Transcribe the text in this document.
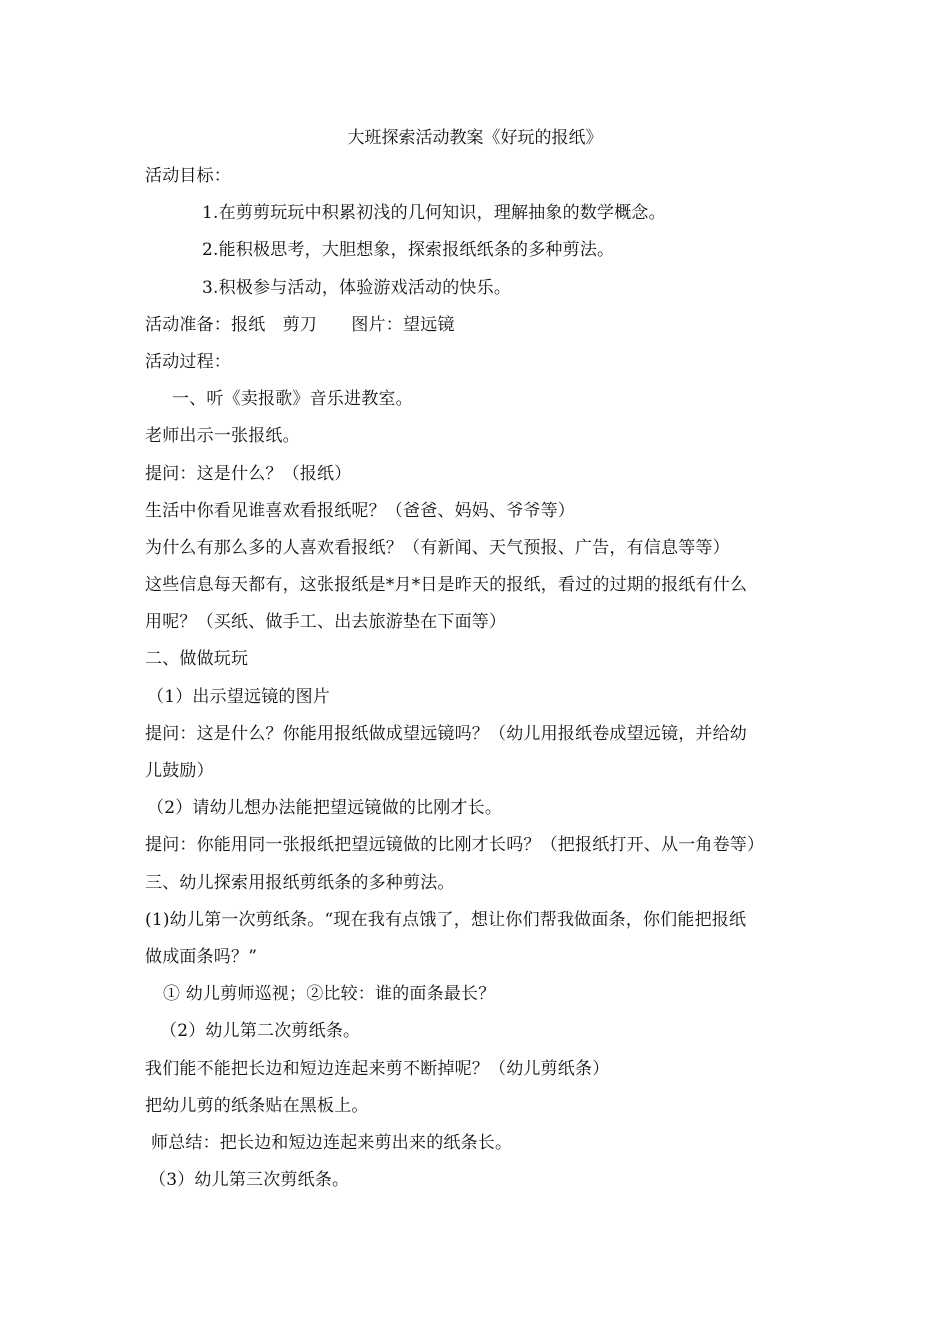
大班探索活动教案《好玩的报纸》
活动目标：
1.在剪剪玩玩中积累初浅的几何知识，理解抽象的数学概念。
2.能积极思考，大胆想象，探索报纸纸条的多种剪法。
3.积极参与活动，体验游戏活动的快乐。
活动准备：报纸　剪刀　　图片：望远镜
活动过程：
一、听《卖报歌》音乐进教室。
老师出示一张报纸。
提问：这是什么？（报纸）
生活中你看见谁喜欢看报纸呢？（爸爸、妈妈、爷爷等）
为什么有那么多的人喜欢看报纸？（有新闻、天气预报、广告，有信息等等）
这些信息每天都有，这张报纸是*月*日是昨天的报纸，看过的过期的报纸有什么
用呢？（买纸、做手工、出去旅游垫在下面等）
二、做做玩玩
（1）出示望远镜的图片
提问：这是什么？你能用报纸做成望远镜吗？（幼儿用报纸卷成望远镜，并给幼
儿鼓励）
（2）请幼儿想办法能把望远镜做的比刚才长。
提问：你能用同一张报纸把望远镜做的比刚才长吗？（把报纸打开、从一角卷等）
三、幼儿探索用报纸剪纸条的多种剪法。
(1)幼儿第一次剪纸条。“现在我有点饿了，想让你们帮我做面条，你们能把报纸
做成面条吗？”
① 幼儿剪师巡视；②比较：谁的面条最长？
（2）幼儿第二次剪纸条。
我们能不能把长边和短边连起来剪不断掉呢？（幼儿剪纸条）
把幼儿剪的纸条贴在黑板上。
师总结：把长边和短边连起来剪出来的纸条长。
（3）幼儿第三次剪纸条。
